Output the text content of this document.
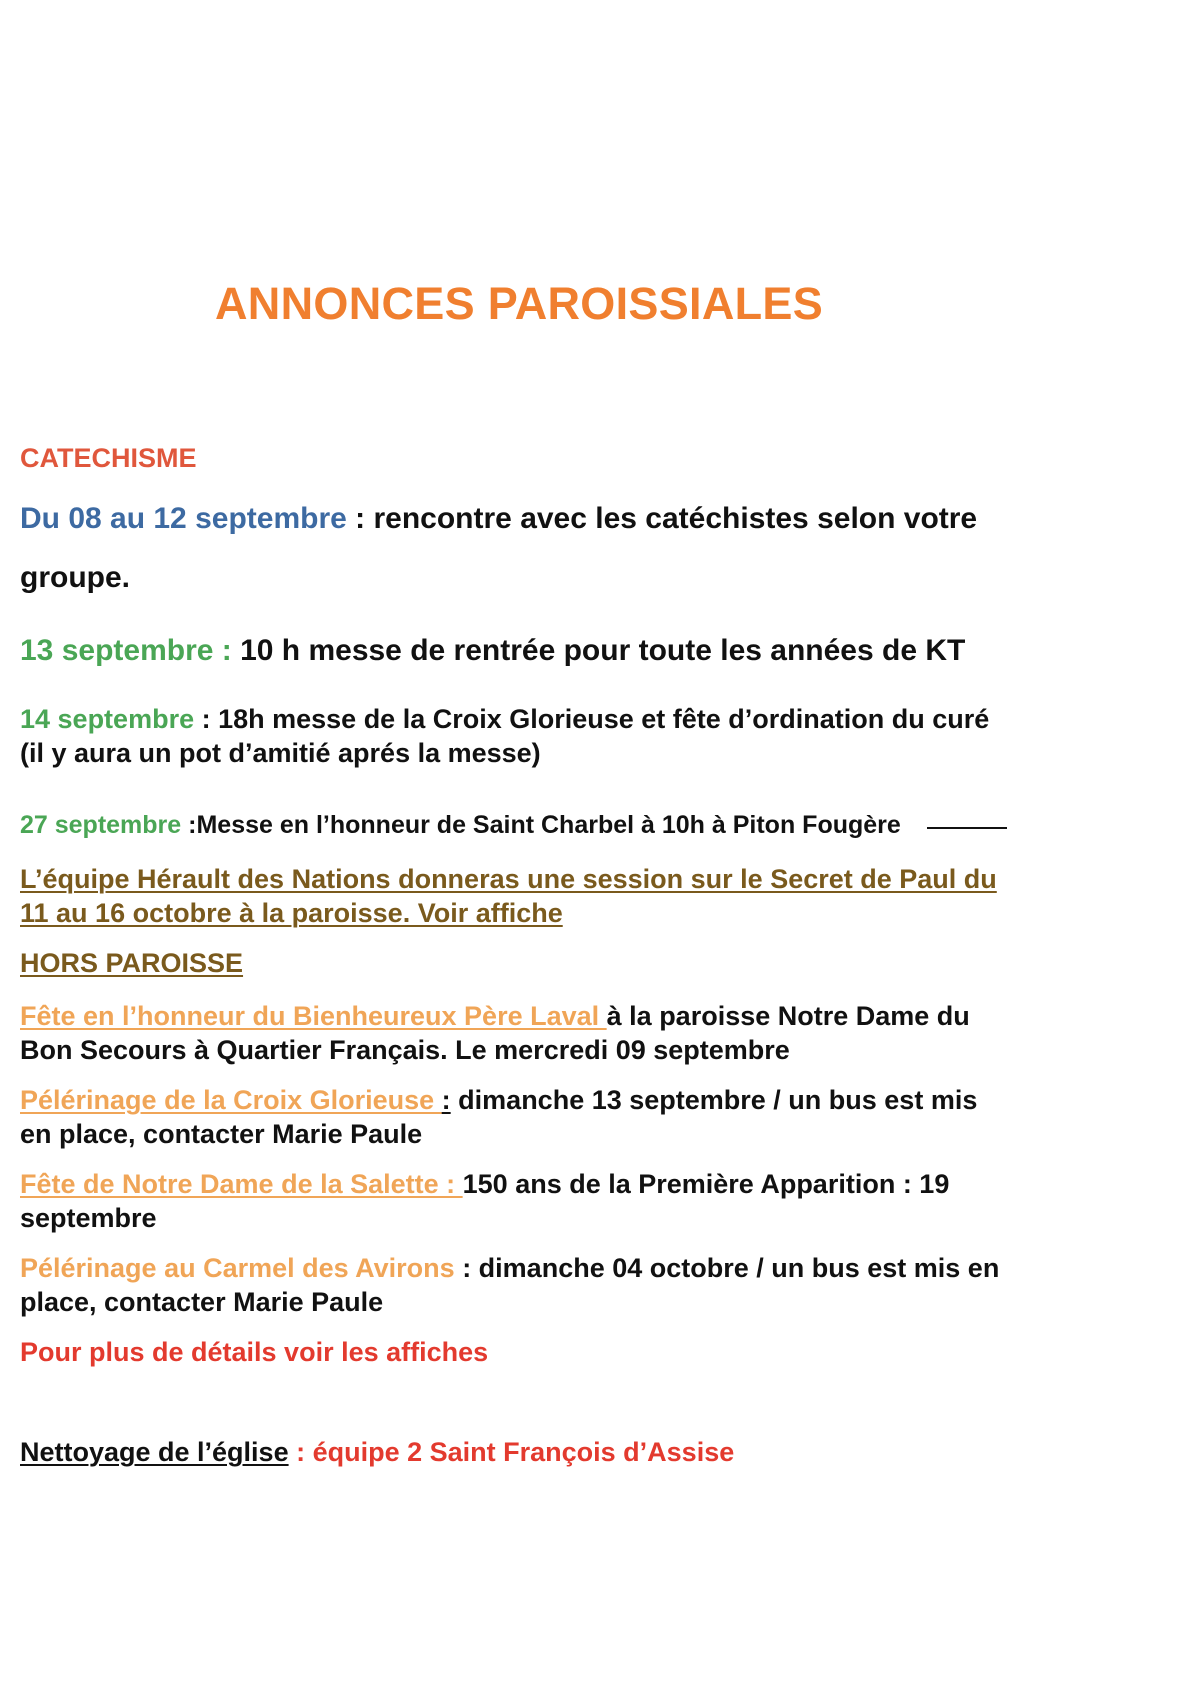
ANNONCES PAROISSIALES
CATECHISME
Du 08 au 12 septembre : rencontre avec les catéchistes selon votre
groupe.
13 septembre : 10 h messe de rentrée pour toute les années de KT
14 septembre : 18h messe de la Croix Glorieuse et fête d’ordination du curé
(il y aura un pot d’amitié aprés la messe)
27 septembre :Messe en l’honneur de Saint Charbel à 10h à Piton Fougère
L’équipe Hérault des Nations donneras une session sur le Secret de Paul du
11 au 16 octobre à la paroisse. Voir affiche
HORS PAROISSE
Fête en l’honneur du Bienheureux Père Laval à la paroisse Notre Dame du
Bon Secours à Quartier Français. Le mercredi 09 septembre
Pélérinage de la Croix Glorieuse : dimanche 13 septembre / un bus est mis
en place, contacter Marie Paule
Fête de Notre Dame de la Salette : 150 ans de la Première Apparition : 19
septembre
Pélérinage au Carmel des Avirons : dimanche 04 octobre / un bus est mis en
place, contacter Marie Paule
Pour plus de détails voir les affiches
Nettoyage de l’église : équipe 2 Saint François d’Assise
